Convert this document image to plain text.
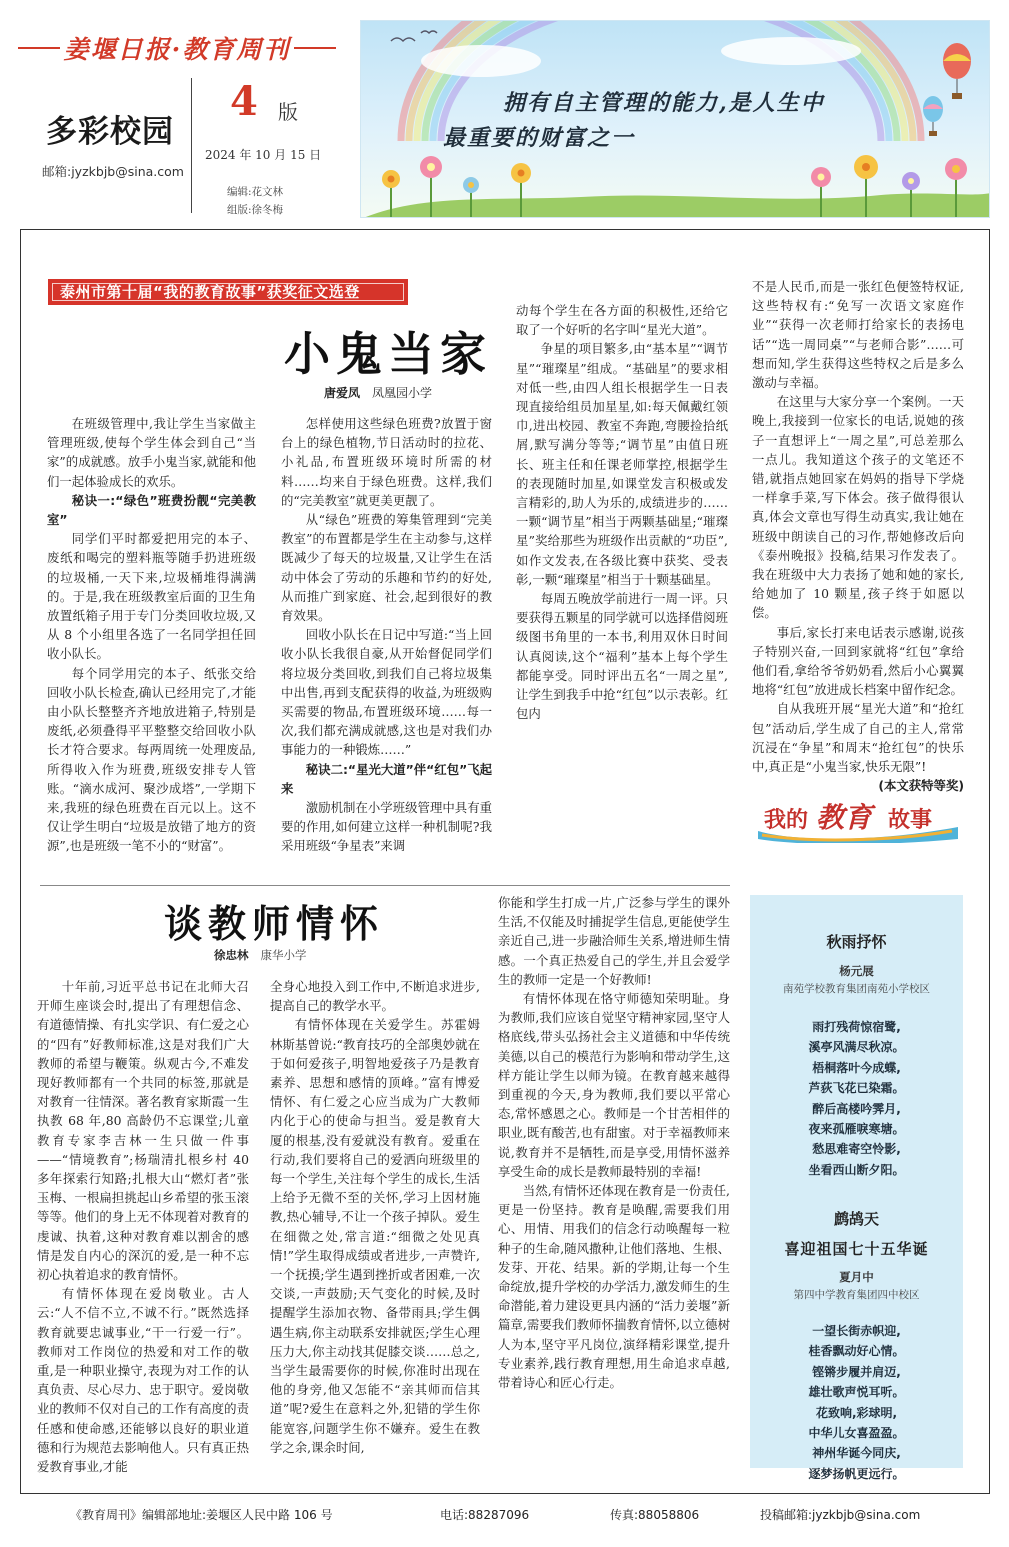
姜堰日报·教育周刊
多彩校园
邮箱:jyzkbjb@sina.com
4 版
2024 年 10 月 15 日
编辑:花文林
组版:徐冬梅
拥有自主管理的能力,是人生中
最重要的财富之一
泰州市第十届“我的教育故事”获奖征文选登
小鬼当家
唐爱凤 凤凰园小学

在班级管理中,我让学生当家做主管理班级,使每个学生体会到自己“当家”的成就感。放手小鬼当家,就能和他们一起体验成长的欢乐。

秘诀一:“绿色”班费扮靓“完美教室”

同学们平时都爱把用完的本子、废纸和喝完的塑料瓶等随手扔进班级的垃圾桶,一天下来,垃圾桶堆得满满的。于是,我在班级教室后面的卫生角放置纸箱子用于专门分类回收垃圾,又从 8 个小组里各选了一名同学担任回收小队长。

每个同学用完的本子、纸张交给回收小队长检查,确认已经用完了,才能由小队长整整齐齐地放进箱子,特别是废纸,必须叠得平平整整交给回收小队长才符合要求。每两周统一处理废品,所得收入作为班费,班级安排专人管账。“滴水成河、聚沙成塔”,一学期下来,我班的绿色班费在百元以上。这不仅让学生明白“垃圾是放错了地方的资源”,也是班级一笔不小的“财富”。

怎样使用这些绿色班费?放置于窗台上的绿色植物,节日活动时的拉花、小礼品,布置班级环境时所需的材料……均来自于绿色班费。这样,我们的“完美教室”就更美更靓了。

从“绿色”班费的筹集管理到“完美教室”的布置都是学生在主动参与,这样既减少了每天的垃圾量,又让学生在活动中体会了劳动的乐趣和节约的好处,从而推广到家庭、社会,起到很好的教育效果。

回收小队长在日记中写道:“当上回收小队长我很自豪,从开始督促同学们将垃圾分类回收,到我们自己将垃圾集中出售,再到支配获得的收益,为班级购买需要的物品,布置班级环境……每一次,我们都充满成就感,这也是对我们办事能力的一种锻炼……”

秘诀二:“星光大道”伴“红包”飞起来

激励机制在小学班级管理中具有重要的作用,如何建立这样一种机制呢?我采用班级“争星表”来调

动每个学生在各方面的积极性,还给它取了一个好听的名字叫“星光大道”。

争星的项目繁多,由“基本星”“调节星”“璀璨星”组成。“基础星”的要求相对低一些,由四人组长根据学生一日表现直接给组员加星星,如:每天佩戴红领巾,进出校园、教室不奔跑,弯腰捡拾纸屑,默写满分等等;“调节星”由值日班长、班主任和任课老师掌控,根据学生的表现随时加星,如课堂发言积极或发言精彩的,助人为乐的,成绩进步的……一颗“调节星”相当于两颗基础星;“璀璨星”奖给那些为班级作出贡献的“功臣”,如作文发表,在各级比赛中获奖、受表彰,一颗“璀璨星”相当于十颗基础星。

每周五晚放学前进行一周一评。只要获得五颗星的同学就可以选择借阅班级图书角里的一本书,利用双休日时间认真阅读,这个“福利”基本上每个学生都能享受。同时评出五名“一周之星”,让学生到我手中抢“红包”以示表彰。红包内

不是人民币,而是一张红色便签特权证,这些特权有:“免写一次语文家庭作业”“获得一次老师打给家长的表扬电话”“选一周同桌”“与老师合影”……可想而知,学生获得这些特权之后是多么激动与幸福。

在这里与大家分享一个案例。一天晚上,我接到一位家长的电话,说她的孩子一直想评上“一周之星”,可总差那么一点儿。我知道这个孩子的文笔还不错,就指点她回家在妈妈的指导下学烧一样拿手菜,写下体会。孩子做得很认真,体会文章也写得生动真实,我让她在班级中朗读自己的习作,帮她修改后向《泰州晚报》投稿,结果习作发表了。我在班级中大力表扬了她和她的家长,给她加了 10 颗星,孩子终于如愿以偿。

事后,家长打来电话表示感谢,说孩子特别兴奋,一回到家就将“红包”拿给他们看,拿给爷爷奶奶看,然后小心翼翼地将“红包”放进成长档案中留作纪念。

自从我班开展“星光大道”和“抢红包”活动后,学生成了自己的主人,常常沉浸在“争星”和周末“抢红包”的快乐中,真正是“小鬼当家,快乐无限”!

(本文获特等奖)
我的 教育 故事
谈教师情怀
徐忠林 康华小学

十年前,习近平总书记在北师大召开师生座谈会时,提出了有理想信念、有道德情操、有扎实学识、有仁爱之心的“四有”好教师标准,这是对我们广大教师的希望与鞭策。纵观古今,不难发现好教师都有一个共同的标签,那就是对教育一往情深。著名教育家斯霞一生执教 68 年,80 高龄仍不忘课堂;儿童教育专家李吉林一生只做一件事——“情境教育”;杨瑞清扎根乡村 40 多年探索行知路;扎根大山“燃灯者”张玉梅、一根扁担挑起山乡希望的张玉滚等等。他们的身上无不体现着对教育的虔诚、执着,这种对教育难以割舍的感情是发自内心的深沉的爱,是一种不忘初心执着追求的教育情怀。

有情怀体现在爱岗敬业。古人云:“人不信不立,不诚不行。”既然选择教育就要忠诚事业,“干一行爱一行”。教师对工作岗位的热爱和对工作的敬重,是一种职业操守,表现为对工作的认真负责、尽心尽力、忠于职守。爱岗敬业的教师不仅对自己的工作有高度的责任感和使命感,还能够以良好的职业道德和行为规范去影响他人。只有真正热爱教育事业,才能

全身心地投入到工作中,不断追求进步,提高自己的教学水平。

有情怀体现在关爱学生。苏霍姆林斯基曾说:“教育技巧的全部奥妙就在于如何爱孩子,明智地爱孩子乃是教育素养、思想和感情的顶峰。”富有博爱情怀、有仁爱之心应当成为广大教师内化于心的使命与担当。爱是教育大厦的根基,没有爱就没有教育。爱重在行动,我们要将自己的爱洒向班级里的每一个学生,关注每个学生的成长,生活上给予无微不至的关怀,学习上因材施教,热心辅导,不让一个孩子掉队。爱生在细微之处,常言道:“细微之处见真情!”学生取得成绩或者进步,一声赞许,一个抚摸;学生遇到挫折或者困难,一次交谈,一声鼓励;天气变化的时候,及时提醒学生添加衣物、备带雨具;学生偶遇生病,你主动联系安排就医;学生心理压力大,你主动找其促膝交谈……总之,当学生最需要你的时候,你准时出现在他的身旁,他又怎能不“亲其师而信其道”呢?爱生在意料之外,犯错的学生你能宽容,问题学生你不嫌弃。爱生在教学之余,课余时间,

你能和学生打成一片,广泛参与学生的课外生活,不仅能及时捕捉学生信息,更能使学生亲近自己,进一步融洽师生关系,增进师生情感。一个真正热爱自己的学生,并且会爱学生的教师一定是一个好教师!

有情怀体现在恪守师德知荣明耻。身为教师,我们应该自觉坚守精神家园,坚守人格底线,带头弘扬社会主义道德和中华传统美德,以自己的模范行为影响和带动学生,这样方能让学生以师为镜。在教育越来越得到重视的今天,身为教师,我们要以平常心态,常怀感恩之心。教师是一个甘苦相伴的职业,既有酸苦,也有甜蜜。对于幸福教师来说,教育并不是牺牲,而是享受,用情怀滋养享受生命的成长是教师最特别的幸福!

当然,有情怀还体现在教育是一份责任,更是一份坚持。教育是唤醒,需要我们用心、用情、用我们的信念行动唤醒每一粒种子的生命,随风撒种,让他们落地、生根、发芽、开花、结果。新的学期,让每一个生命绽放,提升学校的办学活力,激发师生的生命潜能,着力建设更具内涵的“活力姜堰”新篇章,需要我们教师怀揣教育情怀,以立德树人为本,坚守平凡岗位,演绎精彩课堂,提升专业素养,践行教育理想,用生命追求卓越,带着诗心和匠心行走。

秋雨抒怀
杨元展
南苑学校教育集团南苑小学校区
雨打残荷惊宿鹭,
溪亭风满尽秋凉。
梧桐落叶今成蝶,
芦荻飞花已染霜。
醉后高楼吟霁月,
夜来孤雁唳寒塘。
愁思难寄空怜影,
坐看西山断夕阳。
鹧鸪天
喜迎祖国七十五华诞
夏月中
第四中学教育集团四中校区
一望长街赤帜迎,
桂香飘动好心情。
铿锵步履并肩迈,
雄壮歌声悦耳听。
花致响,彩球明,
中华儿女喜盈盈。
神州华诞今同庆,
逐梦扬帆更远行。
《教育周刊》编辑部地址:姜堰区人民中路 106 号	电话:88287096	传真:88058806	投稿邮箱:jyzkbjb@sina.com
